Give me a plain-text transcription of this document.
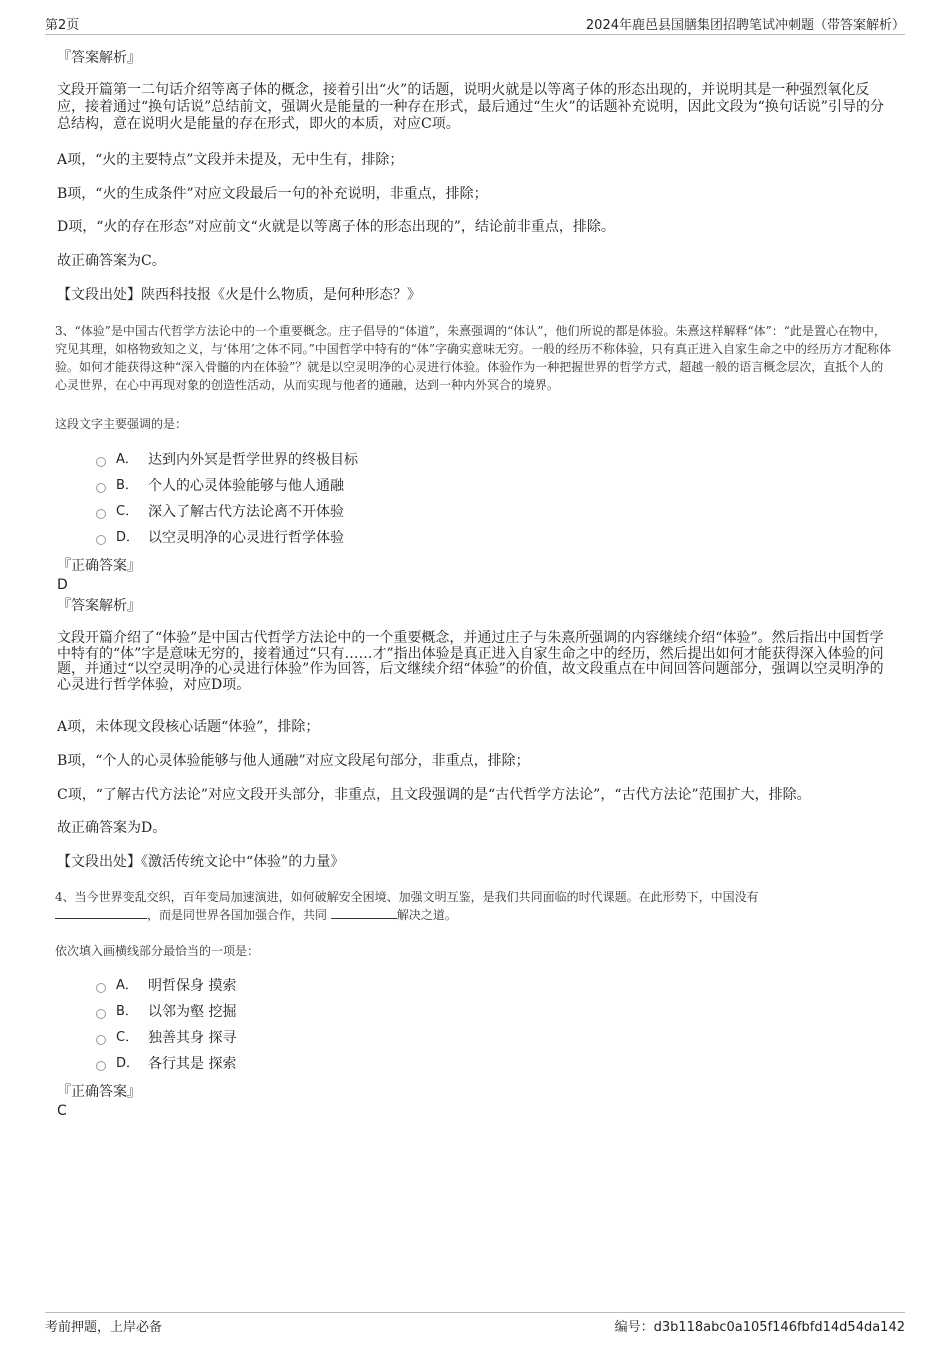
第2页	2024年鹿邑县国膳集团招聘笔试冲刺题（带答案解析）
『答案解析』
文段开篇第一二句话介绍等离子体的概念，接着引出“火”的话题，说明火就是以等离子体的形态出现的，并说明其是一种强烈氧化反应，接着通过“换句话说”总结前文，强调火是能量的一种存在形式，最后通过“生火”的话题补充说明，因此文段为“换句话说”引导的分总结构，意在说明火是能量的存在形式，即火的本质，对应C项。
A项，“火的主要特点”文段并未提及，无中生有，排除；
B项，“火的生成条件”对应文段最后一句的补充说明，非重点，排除；
D项，“火的存在形态”对应前文“火就是以等离子体的形态出现的”，结论前非重点，排除。
故正确答案为C。
【文段出处】陕西科技报《火是什么物质，是何种形态？》
3、“体验”是中国古代哲学方法论中的一个重要概念。庄子倡导的“体道”，朱熹强调的“体认”，他们所说的都是体验。朱熹这样解释“体”：“此是置心在物中，究见其理，如格物致知之义，与‘体用’之体不同。”中国哲学中特有的“体”字确实意味无穷。一般的经历不称体验，只有真正进入自家生命之中的经历方才配称体验。如何才能获得这种“深入骨髓的内在体验”？就是以空灵明净的心灵进行体验。体验作为一种把握世界的哲学方式，超越一般的语言概念层次，直抵个人的心灵世界，在心中再现对象的创造性活动，从而实现与他者的通融，达到一种内外冥合的境界。
这段文字主要强调的是：
A． 达到内外冥是哲学世界的终极目标
B． 个人的心灵体验能够与他人通融
C． 深入了解古代方法论离不开体验
D． 以空灵明净的心灵进行哲学体验
『正确答案』
D
『答案解析』
文段开篇介绍了“体验”是中国古代哲学方法论中的一个重要概念，并通过庄子与朱熹所强调的内容继续介绍“体验”。然后指出中国哲学中特有的“体”字是意味无穷的，接着通过“只有……才”指出体验是真正进入自家生命之中的经历，然后提出如何才能获得深入体验的问题，并通过“以空灵明净的心灵进行体验”作为回答，后文继续介绍“体验”的价值，故文段重点在中间回答问题部分，强调以空灵明净的心灵进行哲学体验，对应D项。
A项，未体现文段核心话题“体验”，排除；
B项，“个人的心灵体验能够与他人通融”对应文段尾句部分，非重点，排除；
C项，“了解古代方法论”对应文段开头部分，非重点，且文段强调的是“古代哲学方法论”，“古代方法论”范围扩大，排除。
故正确答案为D。
【文段出处】《激活传统文论中“体验”的力量》
4、当今世界变乱交织，百年变局加速演进，如何破解安全困境、加强文明互鉴，是我们共同面临的时代课题。在此形势下，中国没有
，而是同世界各国加强合作，共同	解决之道。
依次填入画横线部分最恰当的一项是：
A． 明哲保身 摸索
B． 以邻为壑 挖掘
C． 独善其身 探寻
D． 各行其是 探索
『正确答案』
C
考前押题，上岸必备	编号：d3b118abc0a105f146fbfd14d54da142
